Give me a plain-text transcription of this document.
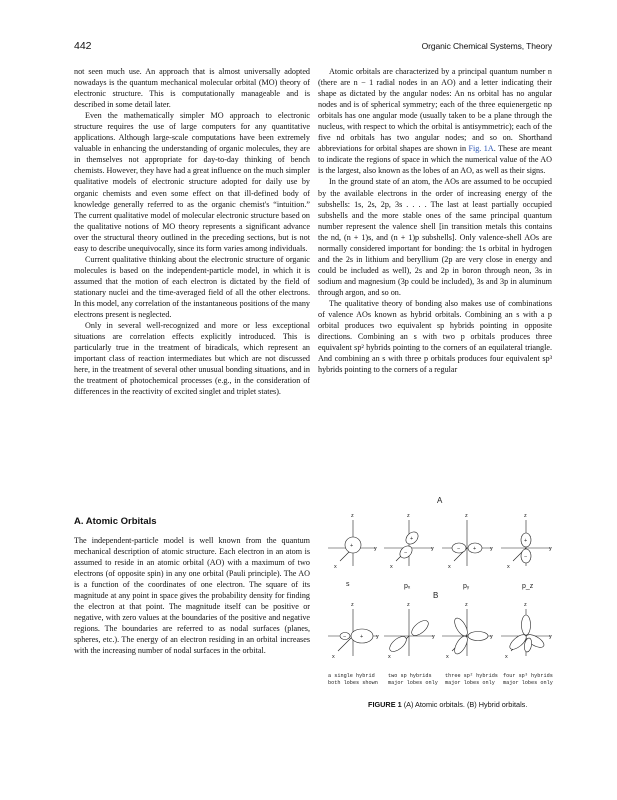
442	Organic Chemical Systems, Theory

not seen much use. An approach that is almost universally adopted nowadays is the quantum mechanical molecular orbital (MO) theory of electronic structure. This is computationally manageable and is described in some detail later.

Even the mathematically simpler MO approach to electronic structure requires the use of large computers for any quantitative applications. Although large-scale computations have been extremely valuable in enhancing the understanding of organic molecules, they are in themselves not appropriate for day-to-day thinking of bench chemists. However, they have had a great influence on the much simpler qualitative models of electronic structure adopted for daily use by organic chemists and even some effect on that ill-defined body of knowledge generally referred to as the organic chemist's “intuition.” The current qualitative model of molecular electronic structure based on the qualitative notions of MO theory represents a significant advance over the structural theory outlined in the preceding sections, but is not easy to describe unequivocally, since its form varies among individuals.

Current qualitative thinking about the electronic structure of organic molecules is based on the independent-particle model, in which it is assumed that the motion of each electron is dictated by the field of stationary nuclei and the time-averaged field of all the other electrons. In this model, any correlation of the instantaneous positions of the many electrons present is neglected.

Only in several well-recognized and more or less exceptional situations are correlation effects explicitly introduced. This is particularly true in the treatment of biradicals, which represent an important class of reaction intermediates but which are not discussed here, in the treatment of several other unusual bonding situations, and in the treatment of photochemical processes (e.g., in the consideration of differences in the reactivity of excited singlet and triplet states).

A. Atomic Orbitals

The independent-particle model is well known from the quantum mechanical description of atomic structure. Each electron in an atom is assumed to reside in an atomic orbital (AO) with a maximum of two electrons (of opposite spin) in any one orbital (Pauli principle). The AO is a function of the coordinates of one electron. The square of its magnitude at any point in space gives the probability density for finding the electron at that point. The magnitude itself can be positive or negative, with zero values at the boundaries of the positive and negative regions. The boundaries are referred to as nodal surfaces (planes, spheres, etc.). The energy of an electron residing in an orbital increases with the increasing number of nodal surfaces in the orbital.

Atomic orbitals are characterized by a principal quantum number n (there are n − 1 radial nodes in an AO) and a letter indicating their shape as dictated by the angular nodes: An ns orbital has no angular nodes and is of spherical symmetry; each of the three equienergetic np orbitals has one angular mode (usually taken to be a plane through the nucleus, with respect to which the orbital is antisymmetric); each of the five nd orbitals has two angular nodes; and so on. Shorthand abbreviations for orbital shapes are shown in Fig. 1A. These are meant to indicate the regions of space in which the numerical value of the AO is the largest, also known as the lobes of an AO, as well as their signs.

In the ground state of an atom, the AOs are assumed to be occupied by the available electrons in the order of increasing energy of the subshells: 1s, 2s, 2p, 3s . . . . The last at least partially occupied subshells and the more stable ones of the same principal quantum number represent the valence shell [in transition metals this contains the nd, (n + 1)s, and (n + 1)p subshells]. Only valence-shell AOs are normally considered important for bonding: the 1s orbital in hydrogen and the 2s in lithium and beryllium (2p are very close in energy and could be included as well), 2s and 2p in boron through neon, 3s in sodium and magnesium (3p could be included), 3s and 3p in aluminum through argon, and so on.

The qualitative theory of bonding also makes use of combinations of valence AOs known as hybrid orbitals. Combining an s with a p orbital produces two equivalent sp hybrids pointing in opposite directions. Combining an s with two p orbitals produces three equivalent sp² hybrids pointing to the corners of an equilateral triangle. And combining an s with three p orbitals produces four equivalent sp³ hybrids pointing to the corners of a regular

A
B
z
y
x
+
s
z
y
x
+
−
pₓ
z
y
x
+
−
pᵧ
z
y
x
+
−
p_z
z
y
x
+
−
z
y
x
z
y
x
z
y
x
a single hybrid
both lobes shown
two sp hybrids
major lobes only
three sp² hybrids
major lobes only
four sp³ hybrids
major lobes only
FIGURE 1 (A) Atomic orbitals. (B) Hybrid orbitals.
